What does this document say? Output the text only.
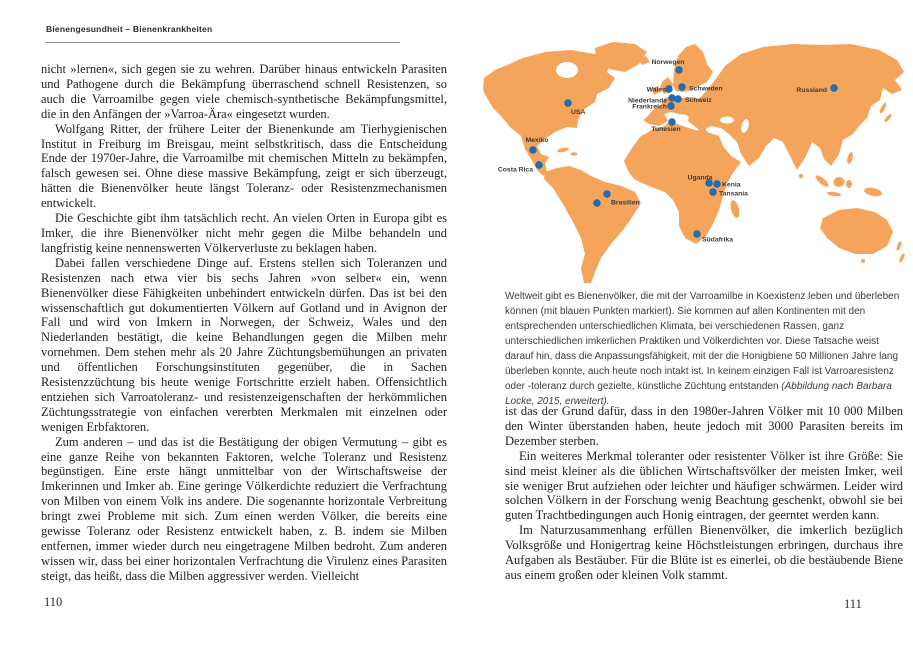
Bienengesundheit – Bienenkrankheiten

nicht »lernen«, sich gegen sie zu wehren. Darüber hinaus entwickeln Parasiten und Pathogene durch die Bekämpfung überraschend schnell Resistenzen, so auch die Varroamilbe gegen viele chemisch-synthetische Bekämpfungsmittel, die in den Anfängen der »Varroa-Ära« eingesetzt wurden.

Wolfgang Ritter, der frühere Leiter der Bienenkunde am Tierhygienischen Institut in Freiburg im Breisgau, meint selbstkritisch, dass die Entscheidung Ende der 1970er-Jahre, die Varroamilbe mit chemischen Mitteln zu bekämpfen, falsch gewesen sei. Ohne diese massive Bekämpfung, zeigt er sich überzeugt, hätten die Bienenvölker heute längst Toleranz- oder Resistenzmechanismen entwickelt.

Die Geschichte gibt ihm tatsächlich recht. An vielen Orten in Europa gibt es Imker, die ihre Bienenvölker nicht mehr gegen die Milbe behandeln und langfristig keine nennenswerten Völkerverluste zu beklagen haben.

Dabei fallen verschiedene Dinge auf. Erstens stellen sich Toleranzen und Resistenzen nach etwa vier bis sechs Jahren »von selber« ein, wenn Bienenvölker diese Fähigkeiten unbehindert entwickeln dürfen. Das ist bei den wissenschaftlich gut dokumentierten Völkern auf Gotland und in Avignon der Fall und wird von Imkern in Norwegen, der Schweiz, Wales und den Niederlanden bestätigt, die keine Behandlungen gegen die Milben mehr vornehmen. Dem stehen mehr als 20 Jahre Züchtungsbemühungen an privaten und öffentlichen Forschungsinstituten gegenüber, die in Sachen Resistenzzüchtung bis heute wenige Fortschritte erzielt haben. Offensichtlich entziehen sich Varroatoleranz- und resistenzeigenschaften der herkömmlichen Züchtungsstrategie von einfachen vererbten Merkmalen mit einzelnen oder wenigen Erbfaktoren.

Zum anderen – und das ist die Bestätigung der obigen Vermutung – gibt es eine ganze Reihe von bekannten Faktoren, welche Toleranz und Resistenz begünstigen. Eine erste hängt unmittelbar von der Wirtschaftsweise der Imkerinnen und Imker ab. Eine geringe Völkerdichte reduziert die Verfrachtung von Milben von einem Volk ins andere. Die sogenannte horizontale Verbreitung bringt zwei Probleme mit sich. Zum einen werden Völker, die bereits eine gewisse Toleranz oder Resistenz entwickelt haben, z. B. indem sie Milben entfernen, immer wieder durch neu eingetragene Milben bedroht. Zum anderen wissen wir, dass bei einer horizontalen Verfrachtung die Virulenz eines Parasiten steigt, das heißt, dass die Milben aggressiver werden. Vielleicht

110
Norwegen
Schweden
Wales
Niederlande	Schweiz
Frankreich
Tunesien
Russland
USA
Mexiko
Costa Rica
Brasilien
Uganda
Kenia
Tansania
Südafrika

Weltweit gibt es Bienenvölker, die mit der Varroamilbe in Koexistenz leben und überleben können (mit blauen Punkten markiert). Sie kommen auf allen Kontinenten mit den entsprechenden unterschiedlichen Klimata, bei verschiedenen Rassen, ganz unterschiedlichen imkerlichen Praktiken und Völkerdichten vor. Diese Tatsache weist darauf hin, dass die Anpassungsfähigkeit, mit der die Honigbiene 50 Millionen Jahre lang überleben konnte, auch heute noch intakt ist. In keinem einzigen Fall ist Varroaresistenz oder -toleranz durch gezielte, künstliche Züchtung entstanden (Abbildung nach Barbara Locke, 2015, erweitert).

ist das der Grund dafür, dass in den 1980er-Jahren Völker mit 10 000 Milben den Winter überstanden haben, heute jedoch mit 3000 Parasiten bereits im Dezember sterben.

Ein weiteres Merkmal toleranter oder resistenter Völker ist ihre Größe: Sie sind meist kleiner als die üblichen Wirtschaftsvölker der meisten Imker, weil sie weniger Brut aufziehen oder leichter und häufiger schwärmen. Leider wird solchen Völkern in der Forschung wenig Beachtung geschenkt, obwohl sie bei guten Trachtbedingungen auch Honig eintragen, der geerntet werden kann.

Im Naturzusammenhang erfüllen Bienenvölker, die imkerlich bezüglich Volksgröße und Honigertrag keine Höchstleistungen erbringen, durchaus ihre Aufgaben als Bestäuber. Für die Blüte ist es einerlei, ob die bestäubende Biene aus einem großen oder kleinen Volk stammt.

111
